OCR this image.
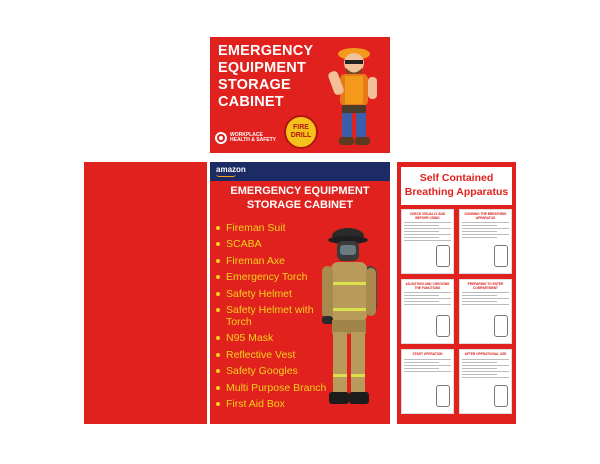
EMERGENCY
EQUIPMENT
STORAGE
CABINET
WORKPLACE
HEALTH & SAFETY
FIRE
DRILL
amazon
EMERGENCY EQUIPMENT
STORAGE CABINET
Fireman Suit
SCABA
Fireman Axe
Emergency Torch
Safety Helmet
Safety Helmet with Torch
N95 Mask
Reflective Vest
Safety Googles
Multi Purpose Branch
First Aid Box
Self Contained
Breathing Apparatus
CHECK VISUALLY AND BEFORE USING
DONNING THE BREATHING APPARATUS
ADJUSTING AND CHECKING THE FUNCTIONS
PREPARING TO ENTER COMPARTMENT
START OPERATION	AFTER OPERATIONAL USE
